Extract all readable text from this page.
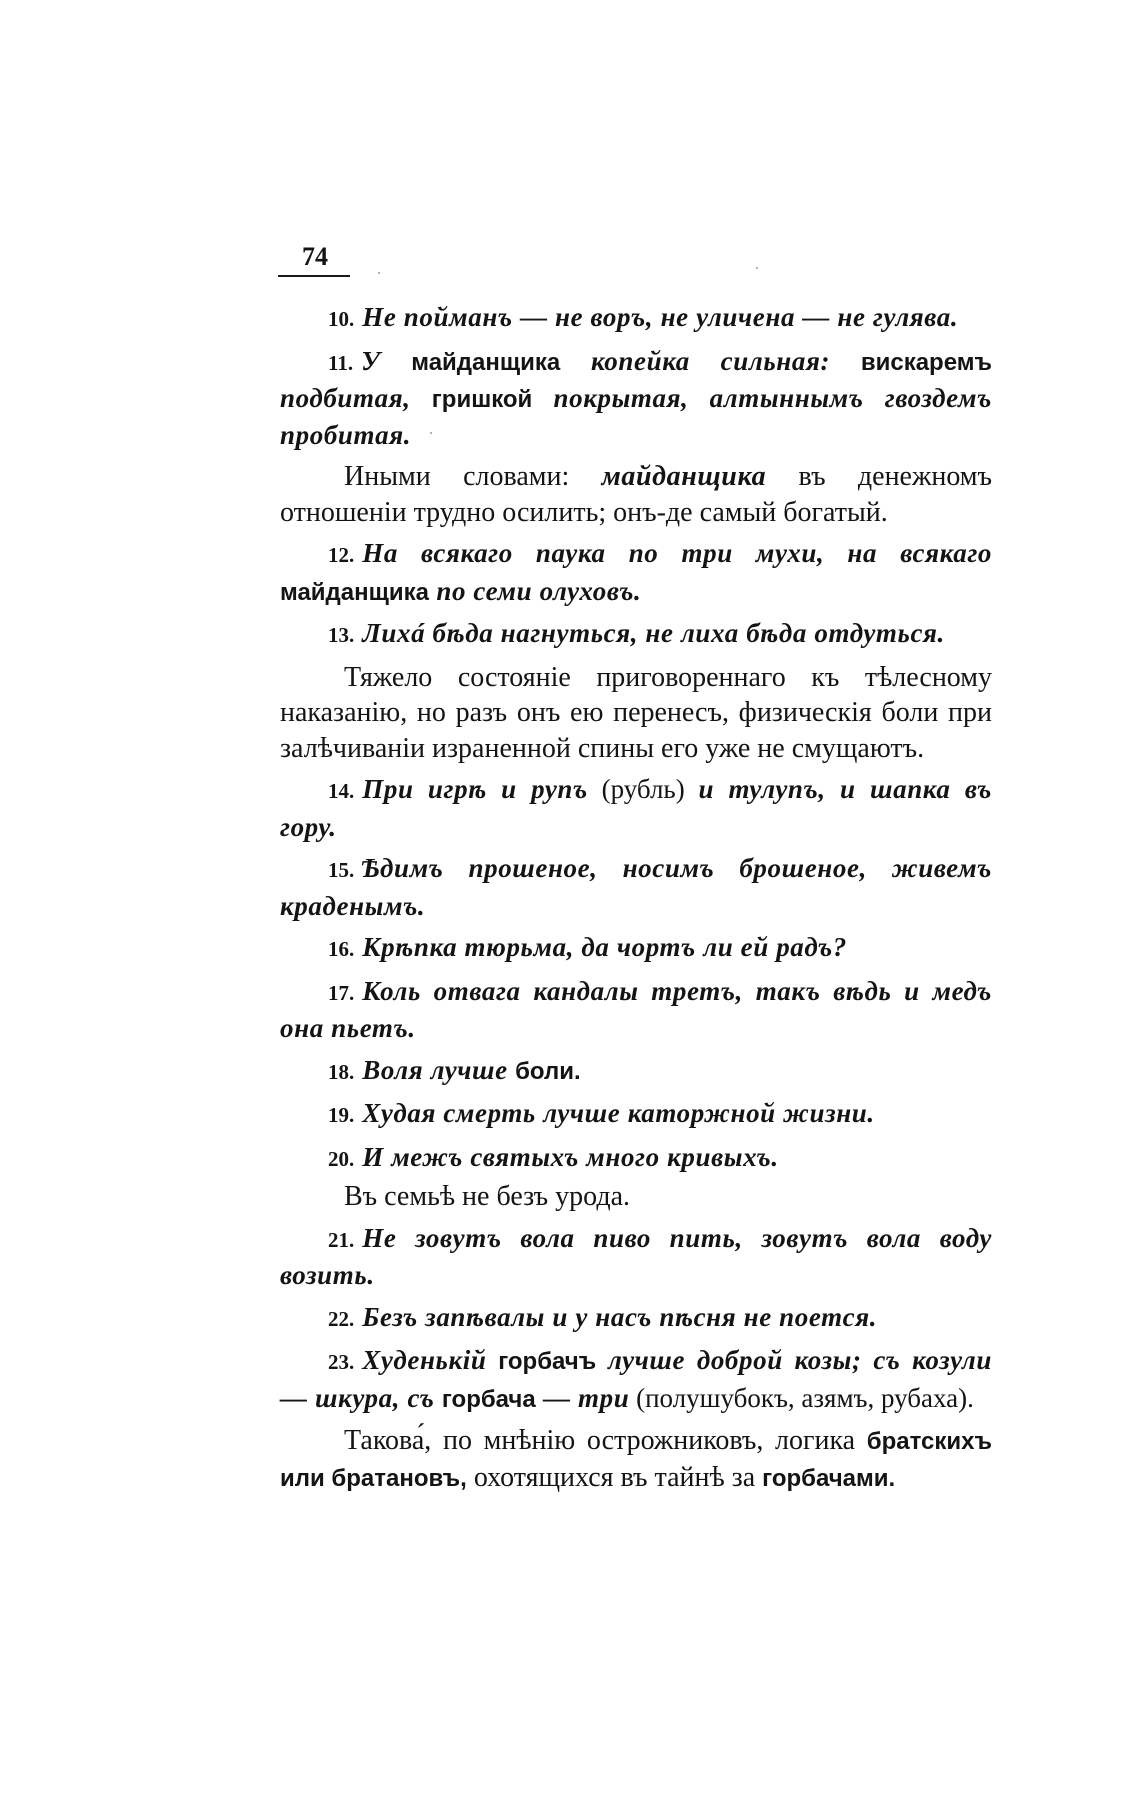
74

10. Не пойманъ — не воръ, не уличена — не гулява.

11. У майданщика копейка сильная: виcкаремъ подбитая, гришкой покрытая, алтыннымъ гвоздемъ пробитая.

Иными словами: майданщика въ денежномъ отношеніи трудно осилить; онъ-де самый богатый.

12. На всякаго паука по три мухи, на всякаго майданщика по семи олуховъ.

13. Лихá бѣда нагнуться, не лиха бѣда отдуться.

Тяжело состояніе приговореннаго къ тѣлесному наказанію, но разъ онъ ею перенесъ, физическія боли при залѣчиваніи израненной спины его уже не смущаютъ.

14. При игрѣ и рупъ (рубль) и тулупъ, и шапка въ гору.

15. Ѣдимъ прошеное, носимъ брошеное, живемъ краденымъ.

16. Крѣпка тюрьма, да чортъ ли ей радъ?

17. Коль отвага кандалы третъ, такъ вѣдь и медъ она пьетъ.

18. Воля лучше боли.

19. Худая смерть лучше каторжной жизни.

20. И межъ святыхъ много кривыхъ.

Въ семьѣ не безъ урода.

21. Не зовутъ вола пиво пить, зовутъ вола воду возить.

22. Безъ запѣвалы и у насъ пѣсня не поется.

23. Худенькій горбачъ лучше доброй козы; съ козули — шкура, съ горбача — три (полушубокъ, азямъ, рубаха).

Такова́, по мнѣнію острожниковъ, логика братскихъ или братановъ, охотящихся въ тайнѣ за горбачами.
